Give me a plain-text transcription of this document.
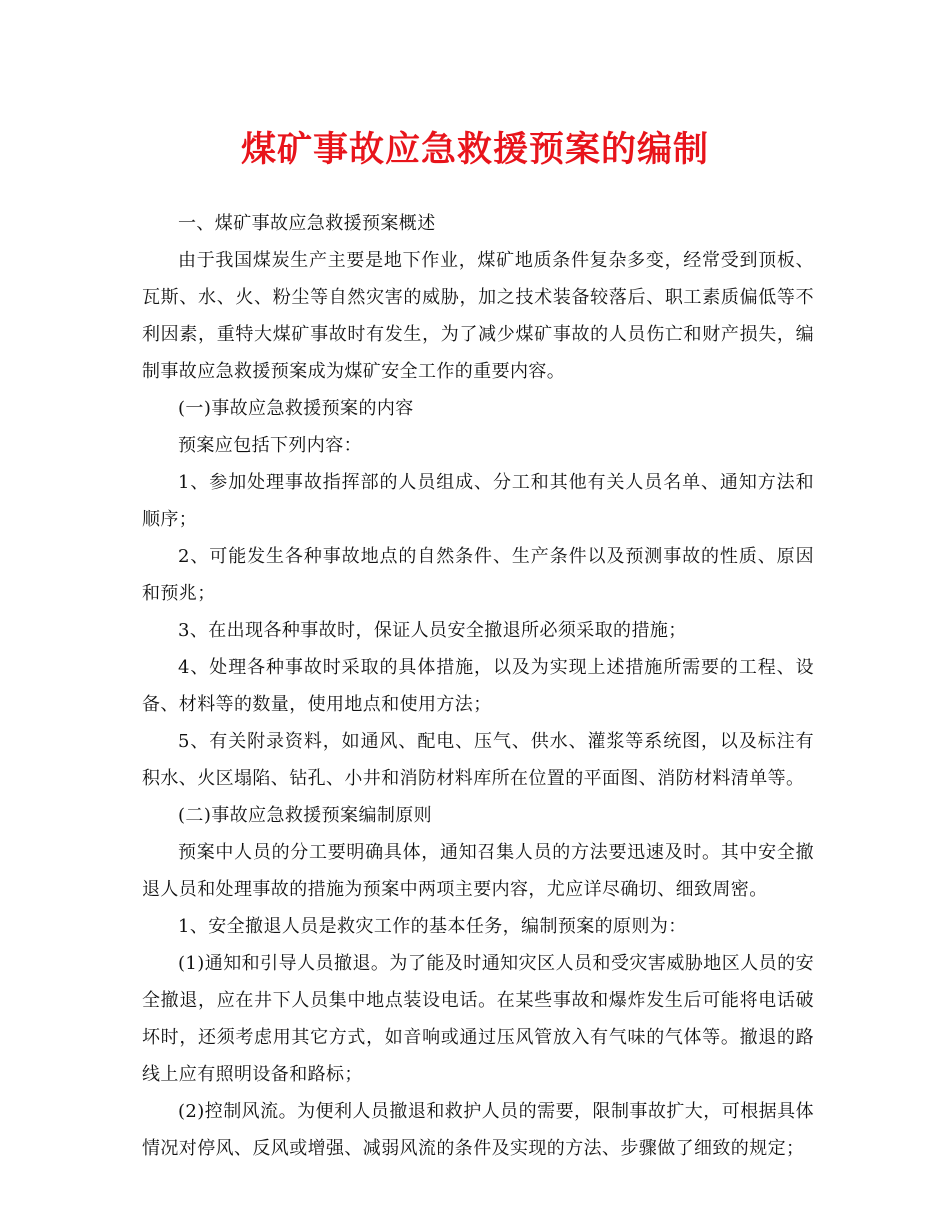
煤矿事故应急救援预案的编制

一、煤矿事故应急救援预案概述

由于我国煤炭生产主要是地下作业，煤矿地质条件复杂多变，经常受到顶板、瓦斯、水、火、粉尘等自然灾害的威胁，加之技术装备较落后、职工素质偏低等不利因素，重特大煤矿事故时有发生，为了减少煤矿事故的人员伤亡和财产损失，编制事故应急救援预案成为煤矿安全工作的重要内容。

(一)事故应急救援预案的内容

预案应包括下列内容：

1、参加处理事故指挥部的人员组成、分工和其他有关人员名单、通知方法和顺序；

2、可能发生各种事故地点的自然条件、生产条件以及预测事故的性质、原因和预兆；

3、在出现各种事故时，保证人员安全撤退所必须采取的措施；

4、处理各种事故时采取的具体措施，以及为实现上述措施所需要的工程、设备、材料等的数量，使用地点和使用方法；

5、有关附录资料，如通风、配电、压气、供水、灌浆等系统图，以及标注有积水、火区塌陷、钻孔、小井和消防材料库所在位置的平面图、消防材料清单等。

(二)事故应急救援预案编制原则

预案中人员的分工要明确具体，通知召集人员的方法要迅速及时。其中安全撤退人员和处理事故的措施为预案中两项主要内容，尤应详尽确切、细致周密。

1、安全撤退人员是救灾工作的基本任务，编制预案的原则为：

(1)通知和引导人员撤退。为了能及时通知灾区人员和受灾害威胁地区人员的安全撤退，应在井下人员集中地点装设电话。在某些事故和爆炸发生后可能将电话破坏时，还须考虑用其它方式，如音响或通过压风管放入有气味的气体等。撤退的路线上应有照明设备和路标；

(2)控制风流。为便利人员撤退和救护人员的需要，限制事故扩大，可根据具体情况对停风、反风或增强、减弱风流的条件及实现的方法、步骤做了细致的规定；
